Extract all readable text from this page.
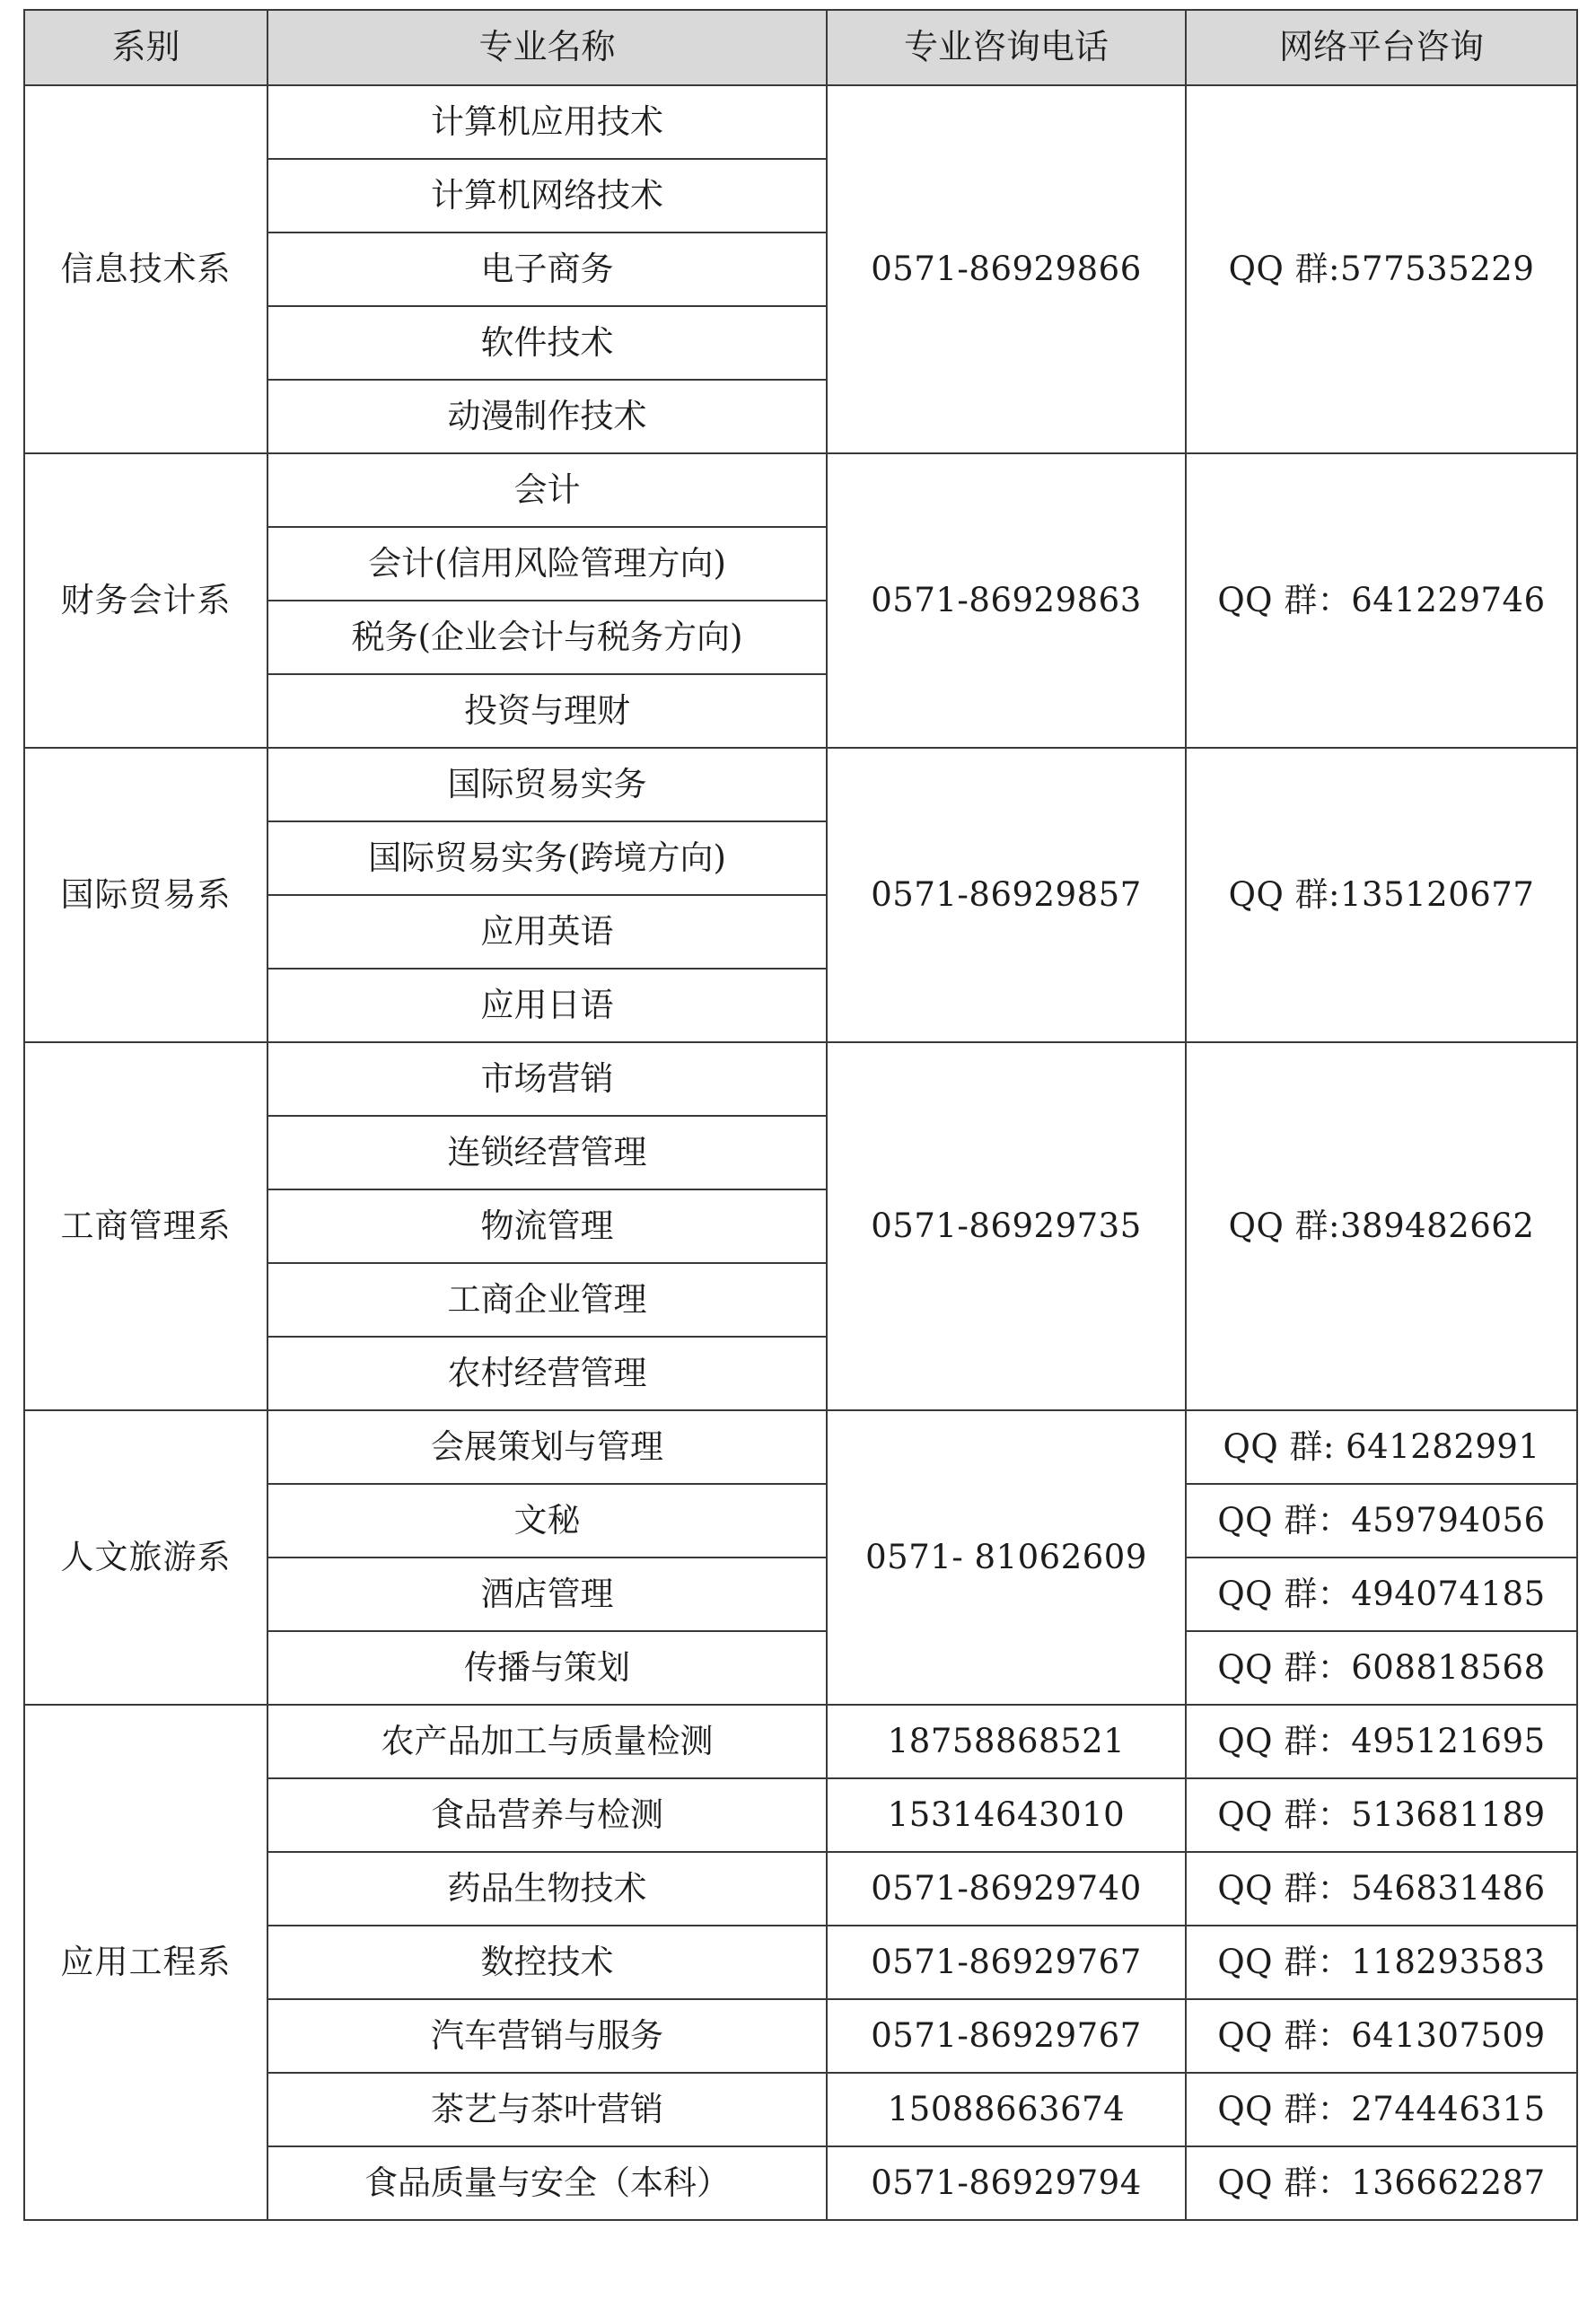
系别	专业名称	专业咨询电话	网络平台咨询
信息技术系	计算机应用技术	0571-86929866	QQ 群:577535229
	计算机网络技术		
	电子商务		
	软件技术		
	动漫制作技术		
财务会计系	会计	0571-86929863	QQ 群：641229746
	会计(信用风险管理方向)		
	税务(企业会计与税务方向)		
	投资与理财		
国际贸易系	国际贸易实务	0571-86929857	QQ 群:135120677
	国际贸易实务(跨境方向)		
	应用英语		
	应用日语		
工商管理系	市场营销	0571-86929735	QQ 群:389482662
	连锁经营管理		
	物流管理		
	工商企业管理		
	农村经营管理		
人文旅游系	会展策划与管理	0571- 81062609	QQ 群: 641282991
	文秘		QQ 群：459794056
	酒店管理		QQ 群：494074185
	传播与策划		QQ 群：608818568
应用工程系	农产品加工与质量检测	18758868521	QQ 群：495121695
	食品营养与检测	15314643010	QQ 群：513681189
	药品生物技术	0571-86929740	QQ 群：546831486
	数控技术	0571-86929767	QQ 群：118293583
	汽车营销与服务	0571-86929767	QQ 群：641307509
	茶艺与茶叶营销	15088663674	QQ 群：274446315
	食品质量与安全（本科）	0571-86929794	QQ 群：136662287
